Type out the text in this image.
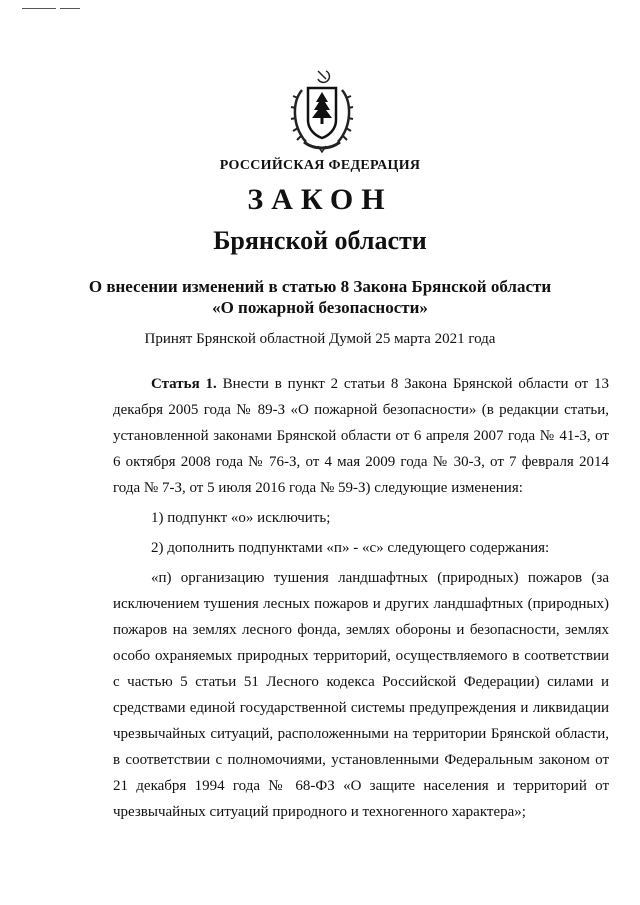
РОССИЙСКАЯ ФЕДЕРАЦИЯ
ЗАКОН
Брянской области
О внесении изменений в статью 8 Закона Брянской области
«О пожарной безопасности»
Принят Брянской областной Думой 25 марта 2021 года

Статья 1. Внести в пункт 2 статьи 8 Закона Брянской области от 13 декабря 2005 года № 89-З «О пожарной безопасности» (в редакции статьи, установленной законами Брянской области от 6 апреля 2007 года № 41-З, от 6 октября 2008 года № 76-З, от 4 мая 2009 года № 30-З, от 7 февраля 2014 года № 7-З, от 5 июля 2016 года № 59-З) следующие изменения:

1) подпункт «о» исключить;

2) дополнить подпунктами «п» - «с» следующего содержания:

«п) организацию тушения ландшафтных (природных) пожаров (за исключением тушения лесных пожаров и других ландшафтных (природных) пожаров на землях лесного фонда, землях обороны и безопасности, землях особо охраняемых природных территорий, осуществляемого в соответствии с частью 5 статьи 51 Лесного кодекса Российской Федерации) силами и средствами единой государственной системы предупреждения и ликвидации чрезвычайных ситуаций, расположенными на территории Брянской области, в соответствии с полномочиями, установленными Федеральным законом от 21 декабря 1994 года № 68-ФЗ «О защите населения и территорий от чрезвычайных ситуаций природного и техногенного характера»;
